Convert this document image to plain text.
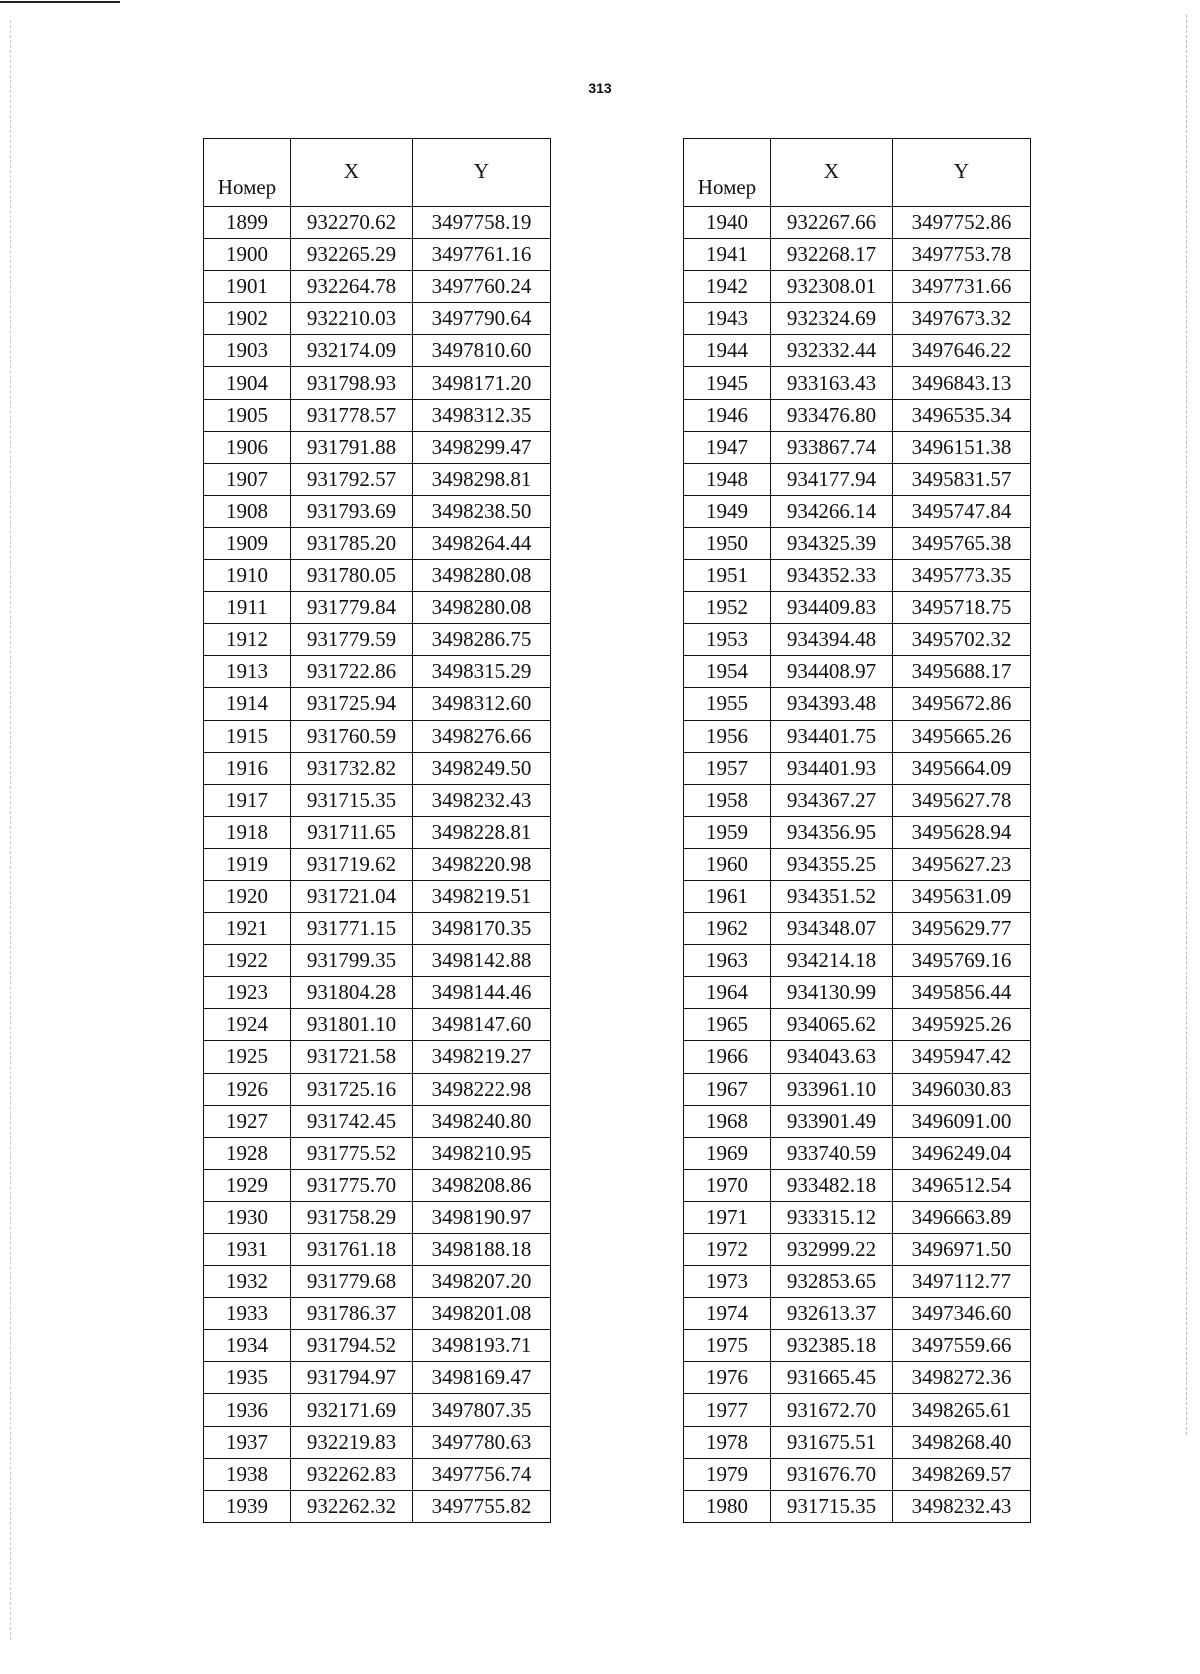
313
Номер	X	Y

1899	932270.62	3497758.19
1900	932265.29	3497761.16
1901	932264.78	3497760.24
1902	932210.03	3497790.64
1903	932174.09	3497810.60
1904	931798.93	3498171.20
1905	931778.57	3498312.35
1906	931791.88	3498299.47
1907	931792.57	3498298.81
1908	931793.69	3498238.50
1909	931785.20	3498264.44
1910	931780.05	3498280.08
1911	931779.84	3498280.08
1912	931779.59	3498286.75
1913	931722.86	3498315.29
1914	931725.94	3498312.60
1915	931760.59	3498276.66
1916	931732.82	3498249.50
1917	931715.35	3498232.43
1918	931711.65	3498228.81
1919	931719.62	3498220.98
1920	931721.04	3498219.51
1921	931771.15	3498170.35
1922	931799.35	3498142.88
1923	931804.28	3498144.46
1924	931801.10	3498147.60
1925	931721.58	3498219.27
1926	931725.16	3498222.98
1927	931742.45	3498240.80
1928	931775.52	3498210.95
1929	931775.70	3498208.86
1930	931758.29	3498190.97
1931	931761.18	3498188.18
1932	931779.68	3498207.20
1933	931786.37	3498201.08
1934	931794.52	3498193.71
1935	931794.97	3498169.47
1936	932171.69	3497807.35
1937	932219.83	3497780.63
1938	932262.83	3497756.74
1939	932262.32	3497755.82
Номер	X	Y

1940	932267.66	3497752.86
1941	932268.17	3497753.78
1942	932308.01	3497731.66
1943	932324.69	3497673.32
1944	932332.44	3497646.22
1945	933163.43	3496843.13
1946	933476.80	3496535.34
1947	933867.74	3496151.38
1948	934177.94	3495831.57
1949	934266.14	3495747.84
1950	934325.39	3495765.38
1951	934352.33	3495773.35
1952	934409.83	3495718.75
1953	934394.48	3495702.32
1954	934408.97	3495688.17
1955	934393.48	3495672.86
1956	934401.75	3495665.26
1957	934401.93	3495664.09
1958	934367.27	3495627.78
1959	934356.95	3495628.94
1960	934355.25	3495627.23
1961	934351.52	3495631.09
1962	934348.07	3495629.77
1963	934214.18	3495769.16
1964	934130.99	3495856.44
1965	934065.62	3495925.26
1966	934043.63	3495947.42
1967	933961.10	3496030.83
1968	933901.49	3496091.00
1969	933740.59	3496249.04
1970	933482.18	3496512.54
1971	933315.12	3496663.89
1972	932999.22	3496971.50
1973	932853.65	3497112.77
1974	932613.37	3497346.60
1975	932385.18	3497559.66
1976	931665.45	3498272.36
1977	931672.70	3498265.61
1978	931675.51	3498268.40
1979	931676.70	3498269.57
1980	931715.35	3498232.43
